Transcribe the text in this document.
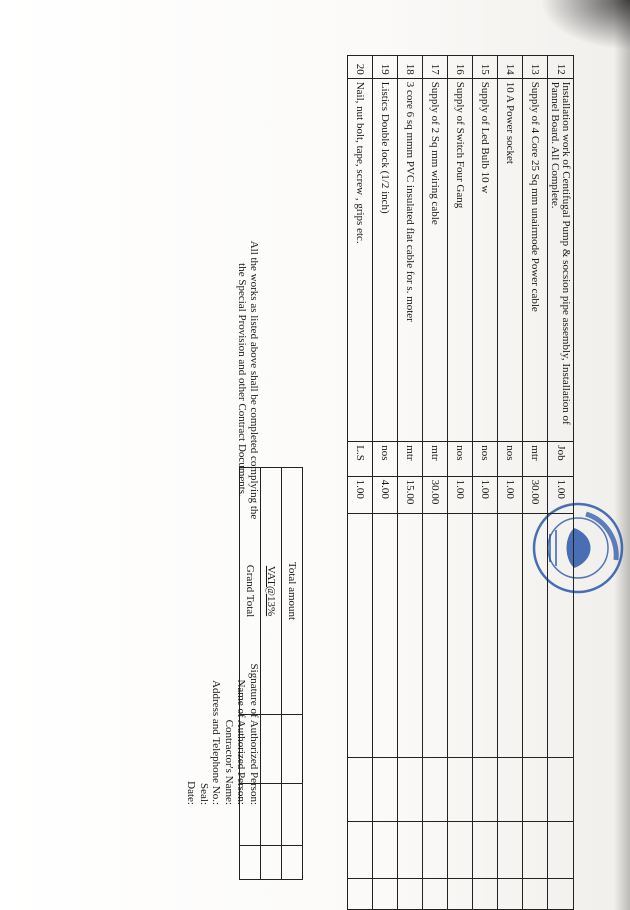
12	Installation work of Centifugal Pump & socsion pipe assembly, Installation of Pannel Board. All Complete.	Job	1.00				
13	Supply of 4 Core 25 Sq mm unairmode Power cable	mtr	30.00				
14	10 A Power socket	nos	1.00				
15	Supply of Led Bulb 10 w	nos	1.00				
16	Supply of Switch Four Gang	nos	1.00				
17	Supply of 2 Sq mm wiring cable	mtr	30.00				
18	3 core 6 sq mmm PVC insulated flat cable for s. moter	mtr	15.00				
19	Listics Double lock (1/2 inch)	nos	4.00				
20	Nail, nut bolt, tape, screw , grips etc.	L.S	1.00				
Total amount			
VAT@13%			
Grand Total			
All the works as listed above shall be completed complying the
the Special Provision and other Contract Documents.
Signature of Authorized Person:
Name of Authorized Person:
Contractor's Name:
Address and Telephone No.:
Seal:
Date:
